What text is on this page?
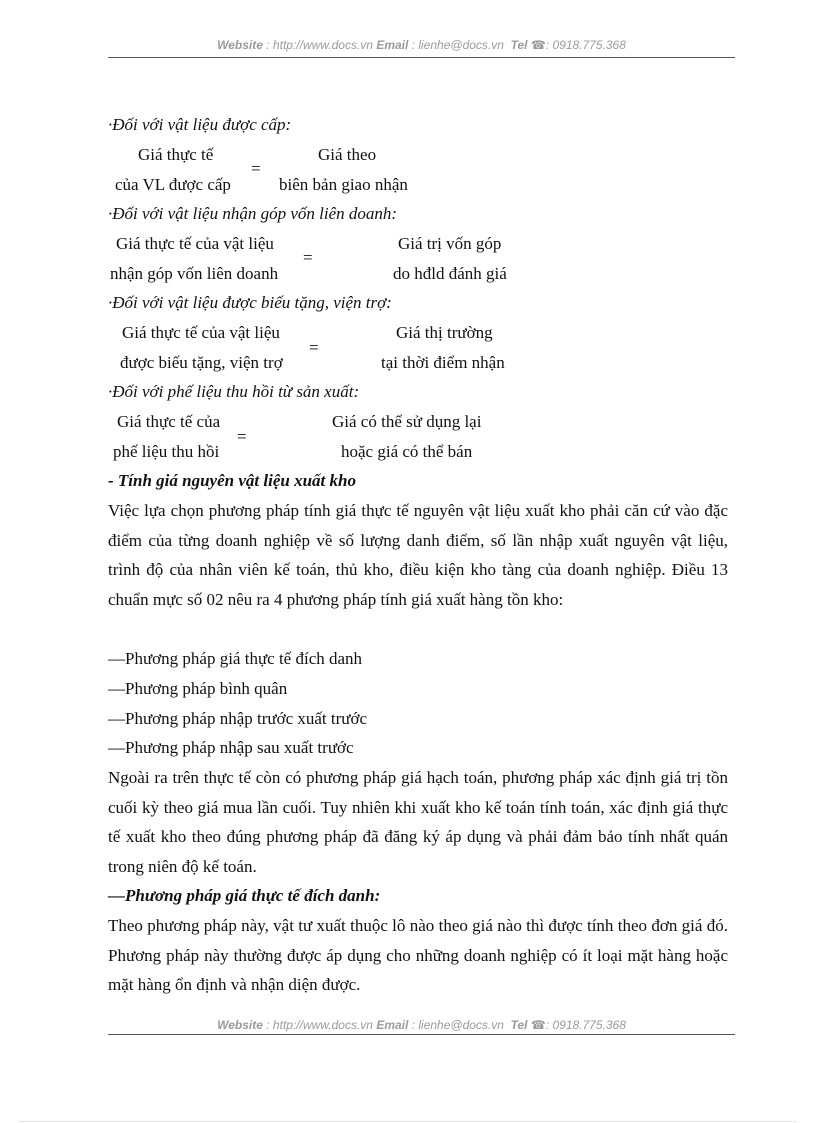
Website : http://www.docs.vn Email : lienhe@docs.vn Tel ☎: 0918.775.368
·Đối với vật liệu được cấp:
Giá thực tế
của VL được cấp
=
Giá theo
biên bản giao nhận
·Đối với vật liệu nhận góp vốn liên doanh:
Giá thực tế của vật liệu
nhận góp vốn liên doanh
=
Giá trị vốn góp
do hđld đánh giá
·Đối với vật liệu được biếu tặng, viện trợ:
Giá thực tế của vật liệu
được biếu tặng, viện trợ
=
Giá thị trường
tại thời điểm nhận
·Đối với phế liệu thu hồi từ sản xuất:
Giá thực tế của
phế liệu thu hồi
=
Giá có thể sử dụng lại
hoặc giá có thể bán
- Tính giá nguyên vật liệu xuất kho
Việc lựa chọn phương pháp tính giá thực tế nguyên vật liệu xuất kho phải căn cứ vào đặc điểm của từng doanh nghiệp về số lượng danh điểm, số lần nhập xuất nguyên vật liệu, trình độ của nhân viên kế toán, thủ kho, điều kiện kho tàng của doanh nghiệp. Điều 13 chuẩn mực số 02 nêu ra 4 phương pháp tính giá xuất hàng tồn kho:
—Phương pháp giá thực tế đích danh
—Phương pháp bình quân
—Phương pháp nhập trước xuất trước
—Phương pháp nhập sau xuất trước
Ngoài ra trên thực tế còn có phương pháp giá hạch toán, phương pháp xác định giá trị tồn cuối kỳ theo giá mua lần cuối. Tuy nhiên khi xuất kho kế toán tính toán, xác định giá thực tế xuất kho theo đúng phương pháp đã đăng ký áp dụng và phải đảm bảo tính nhất quán trong niên độ kế toán.
—Phương pháp giá thực tế đích danh:
Theo phương pháp này, vật tư xuất thuộc lô nào theo giá nào thì được tính theo đơn giá đó. Phương pháp này thường được áp dụng cho những doanh nghiệp có ít loại mặt hàng hoặc mặt hàng ổn định và nhận diện được.
Website : http://www.docs.vn Email : lienhe@docs.vn Tel ☎: 0918.775.368
